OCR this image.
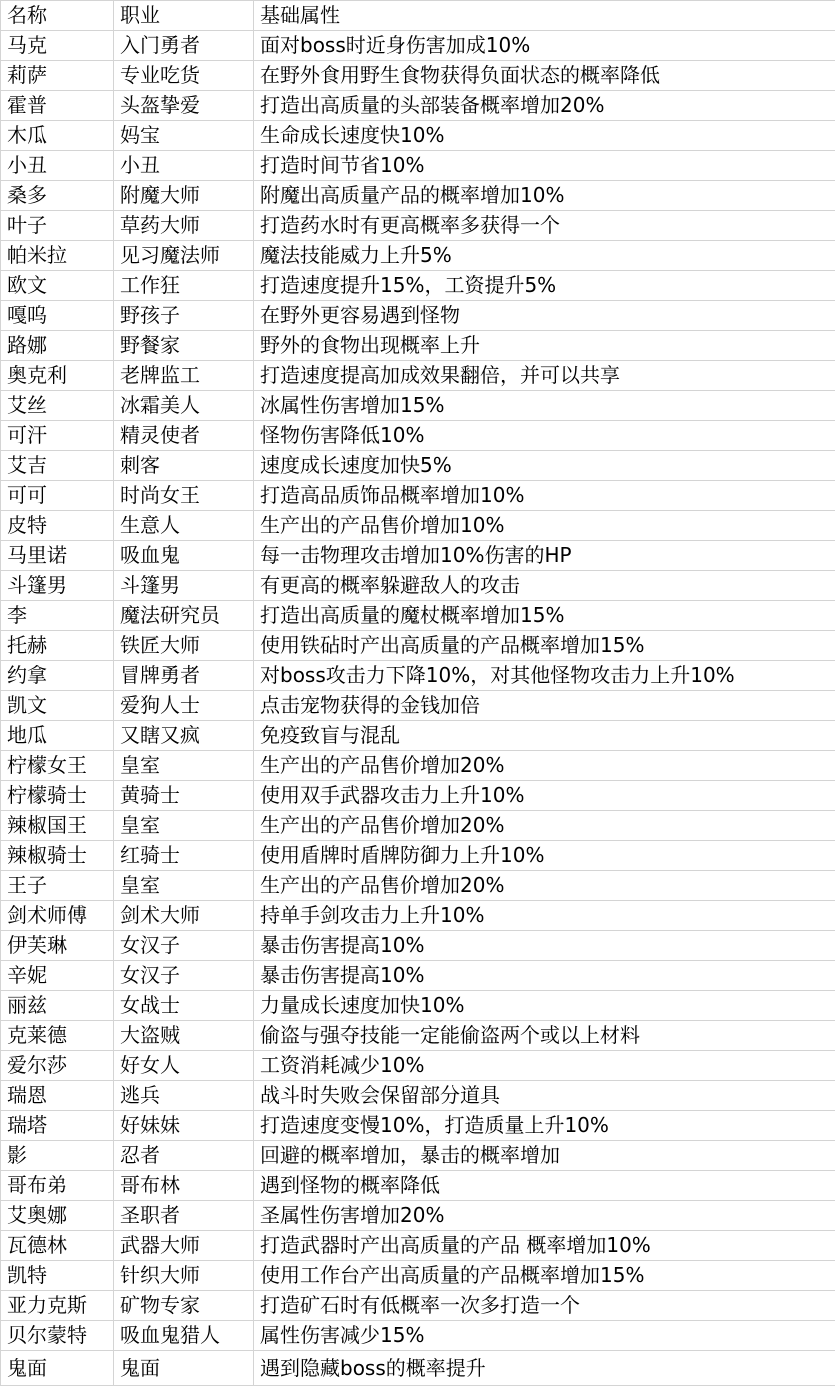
名称	职业	基础属性
马克	入门勇者	面对boss时近身伤害加成10%
莉萨	专业吃货	在野外食用野生食物获得负面状态的概率降低
霍普	头盔挚爱	打造出高质量的头部装备概率增加20%
木瓜	妈宝	生命成长速度快10%
小丑	小丑	打造时间节省10%
桑多	附魔大师	附魔出高质量产品的概率增加10%
叶子	草药大师	打造药水时有更高概率多获得一个
帕米拉	见习魔法师	魔法技能威力上升5%
欧文	工作狂	打造速度提升15%，工资提升5%
嘎呜	野孩子	在野外更容易遇到怪物
路娜	野餐家	野外的食物出现概率上升
奥克利	老牌监工	打造速度提高加成效果翻倍，并可以共享
艾丝	冰霜美人	冰属性伤害增加15%
可汗	精灵使者	怪物伤害降低10%
艾吉	刺客	速度成长速度加快5%
可可	时尚女王	打造高品质饰品概率增加10%
皮特	生意人	生产出的产品售价增加10%
马里诺	吸血鬼	每一击物理攻击增加10%伤害的HP
斗篷男	斗篷男	有更高的概率躲避敌人的攻击
李	魔法研究员	打造出高质量的魔杖概率增加15%
托赫	铁匠大师	使用铁砧时产出高质量的产品概率增加15%
约拿	冒牌勇者	对boss攻击力下降10%，对其他怪物攻击力上升10%
凯文	爱狗人士	点击宠物获得的金钱加倍
地瓜	又瞎又疯	免疫致盲与混乱
柠檬女王	皇室	生产出的产品售价增加20%
柠檬骑士	黄骑士	使用双手武器攻击力上升10%
辣椒国王	皇室	生产出的产品售价增加20%
辣椒骑士	红骑士	使用盾牌时盾牌防御力上升10%
王子	皇室	生产出的产品售价增加20%
剑术师傅	剑术大师	持单手剑攻击力上升10%
伊芙琳	女汉子	暴击伤害提高10%
辛妮	女汉子	暴击伤害提高10%
丽兹	女战士	力量成长速度加快10%
克莱德	大盗贼	偷盗与强夺技能一定能偷盗两个或以上材料
爱尔莎	好女人	工资消耗减少10%
瑞恩	逃兵	战斗时失败会保留部分道具
瑞塔	好妹妹	打造速度变慢10%，打造质量上升10%
影	忍者	回避的概率增加，暴击的概率增加
哥布弟	哥布林	遇到怪物的概率降低
艾奥娜	圣职者	圣属性伤害增加20%
瓦德林	武器大师	打造武器时产出高质量的产品 概率增加10%
凯特	针织大师	使用工作台产出高质量的产品概率增加15%
亚力克斯	矿物专家	打造矿石时有低概率一次多打造一个
贝尔蒙特	吸血鬼猎人	属性伤害减少15%
鬼面	鬼面	遇到隐藏boss的概率提升
